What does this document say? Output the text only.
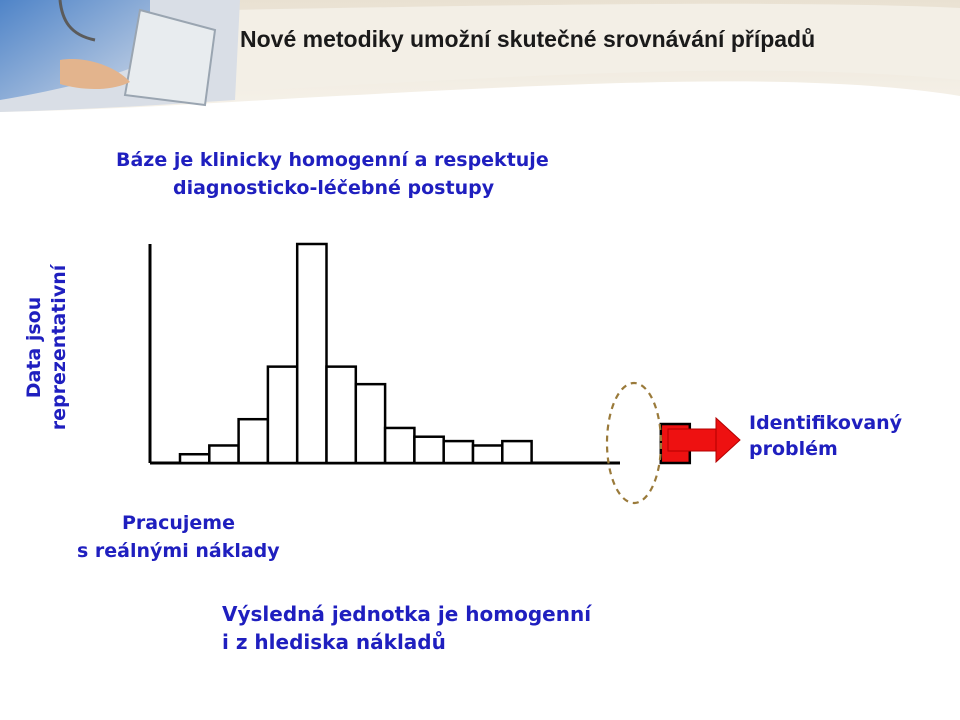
Nové metodiky umožní skutečné srovnávání případů

Báze je klinicky homogenní a respektuje

diagnosticko-léčebné postupy

Data jsou reprezentativní	Identifikovaný
problém

Pracujeme

s reálnými náklady

Výsledná jednotka je homogenní

i z hlediska nákladů
